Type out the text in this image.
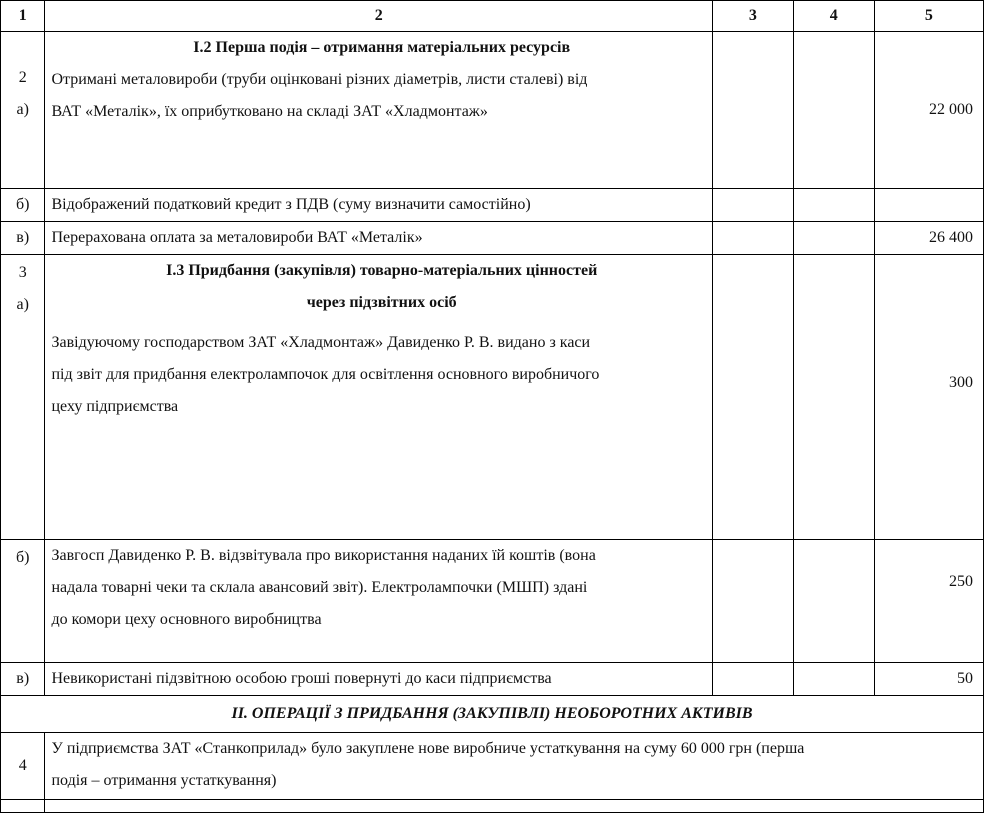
1	2	3	4	5

2
а)	І.2 Перша подія – отримання матеріальних ресурсів
Отримані металовироби (труби оцінковані різних діаметрів, листи сталеві) від
ВАТ «Металік», їх оприбутковано на складі ЗАТ «Хладмонтаж»			22 000

б)	Відображений податковий кредит з ПДВ (суму визначити самостійно)			
в)	Перерахована оплата за металовироби ВАТ «Металік»			26 400

3
а)	І.3 Придбання (закупівля) товарно-матеріальних цінностей
через підзвітних осіб
Завідуючому господарством ЗАТ «Хладмонтаж» Давиденко Р. В. видано з каси
під звіт для придбання електролампочок для освітлення основного виробничого
цеху підприємства			300
б)	Завгосп Давиденко Р. В. відзвітувала про використання наданих їй коштів (вона
надала товарні чеки та склала авансовий звіт). Електролампочки (МШП) здані
до комори цеху основного виробництва			250
в)	Невикористані підзвітною особою гроші повернуті до каси підприємства			50
ІІ. ОПЕРАЦІЇ З ПРИДБАННЯ (ЗАКУПІВЛІ) НЕОБОРОТНИХ АКТИВІВ				
4	У підприємства ЗАТ «Станкоприлад» було закуплене нове виробниче устаткування на суму 60 000 грн (перша
подія – отримання устаткування)			
